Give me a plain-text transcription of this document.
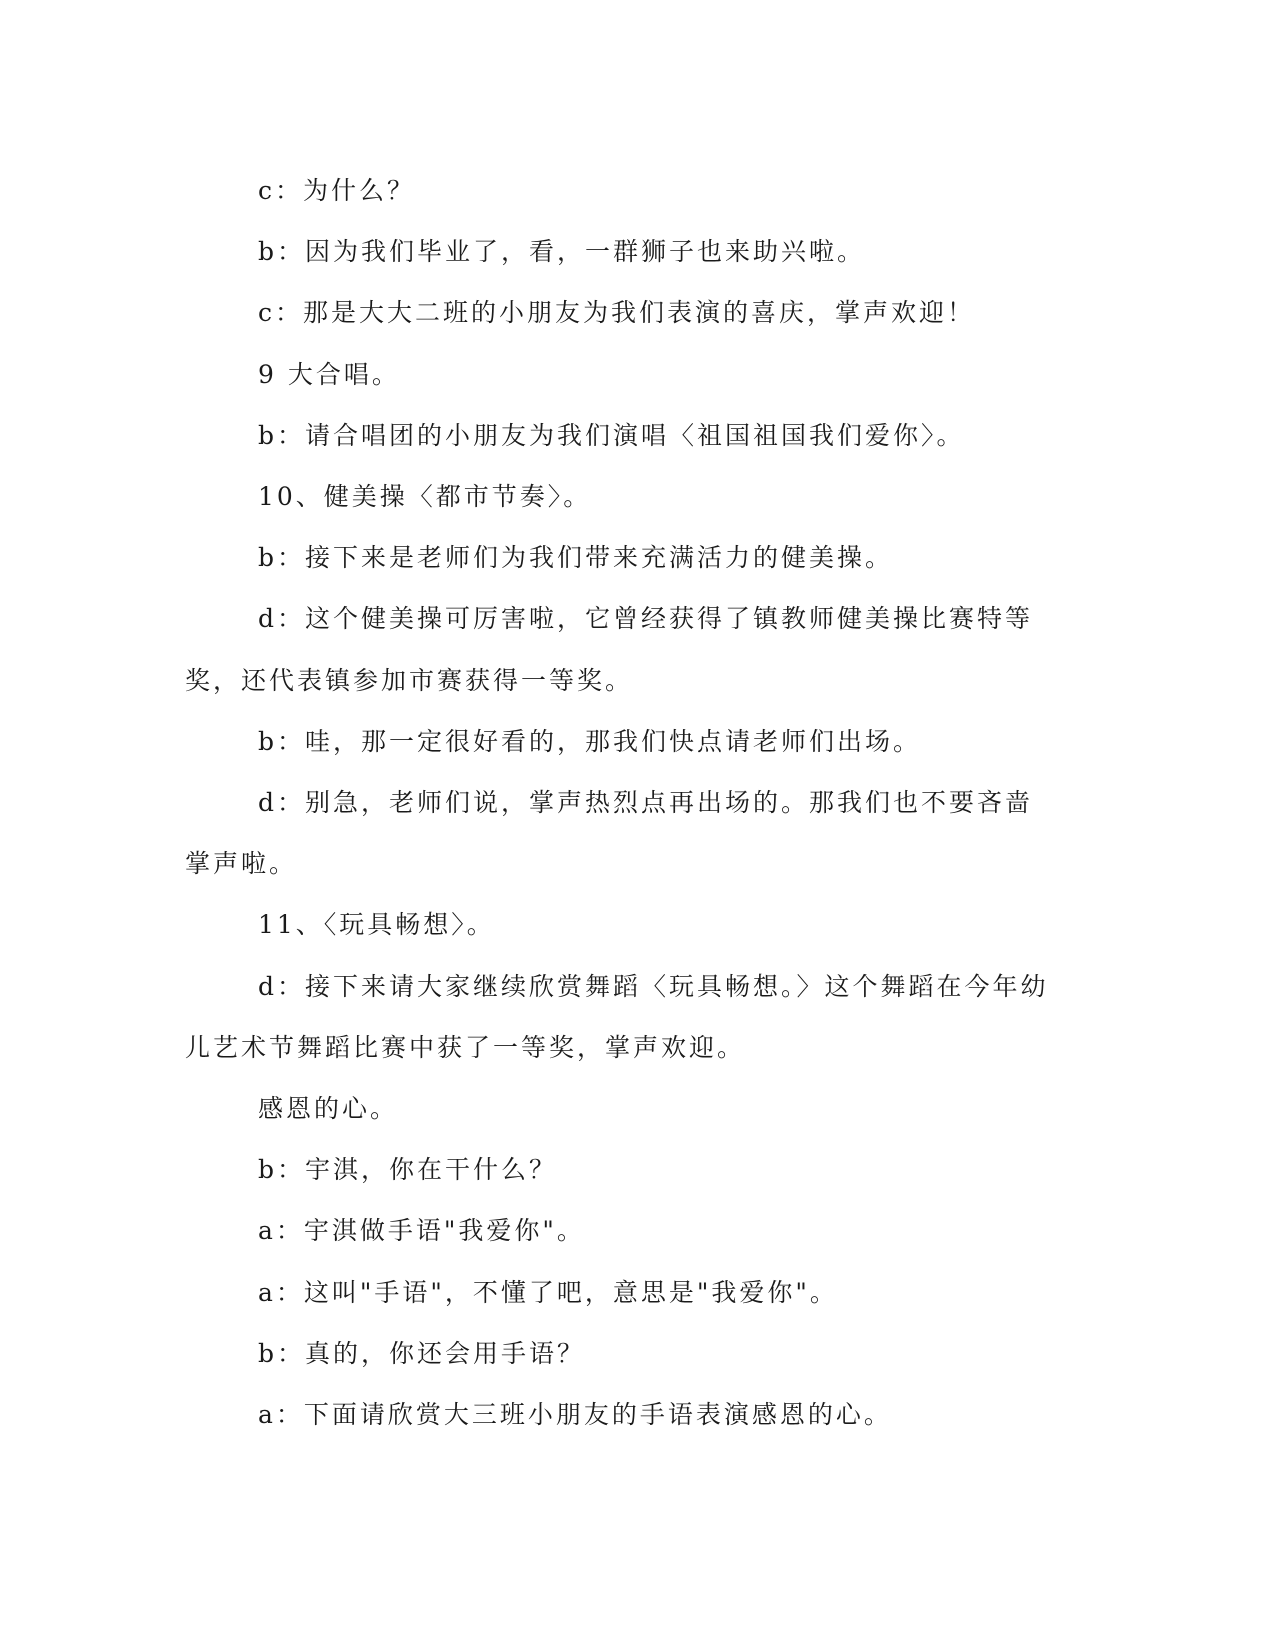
c：为什么？

b：因为我们毕业了，看，一群狮子也来助兴啦。

c：那是大大二班的小朋友为我们表演的喜庆，掌声欢迎！

9 大合唱。

b：请合唱团的小朋友为我们演唱〈祖国祖国我们爱你〉。

10、健美操〈都市节奏〉。

b：接下来是老师们为我们带来充满活力的健美操。

d：这个健美操可厉害啦，它曾经获得了镇教师健美操比赛特等奖，还代表镇参加市赛获得一等奖。

b：哇，那一定很好看的，那我们快点请老师们出场。

d：别急，老师们说，掌声热烈点再出场的。那我们也不要吝啬掌声啦。

11、〈玩具畅想〉。

d：接下来请大家继续欣赏舞蹈〈玩具畅想。〉这个舞蹈在今年幼儿艺术节舞蹈比赛中获了一等奖，掌声欢迎。

感恩的心。

b：宇淇，你在干什么？

a：宇淇做手语"我爱你"。

a：这叫"手语"，不懂了吧，意思是"我爱你"。

b：真的，你还会用手语？

a：下面请欣赏大三班小朋友的手语表演感恩的心。
